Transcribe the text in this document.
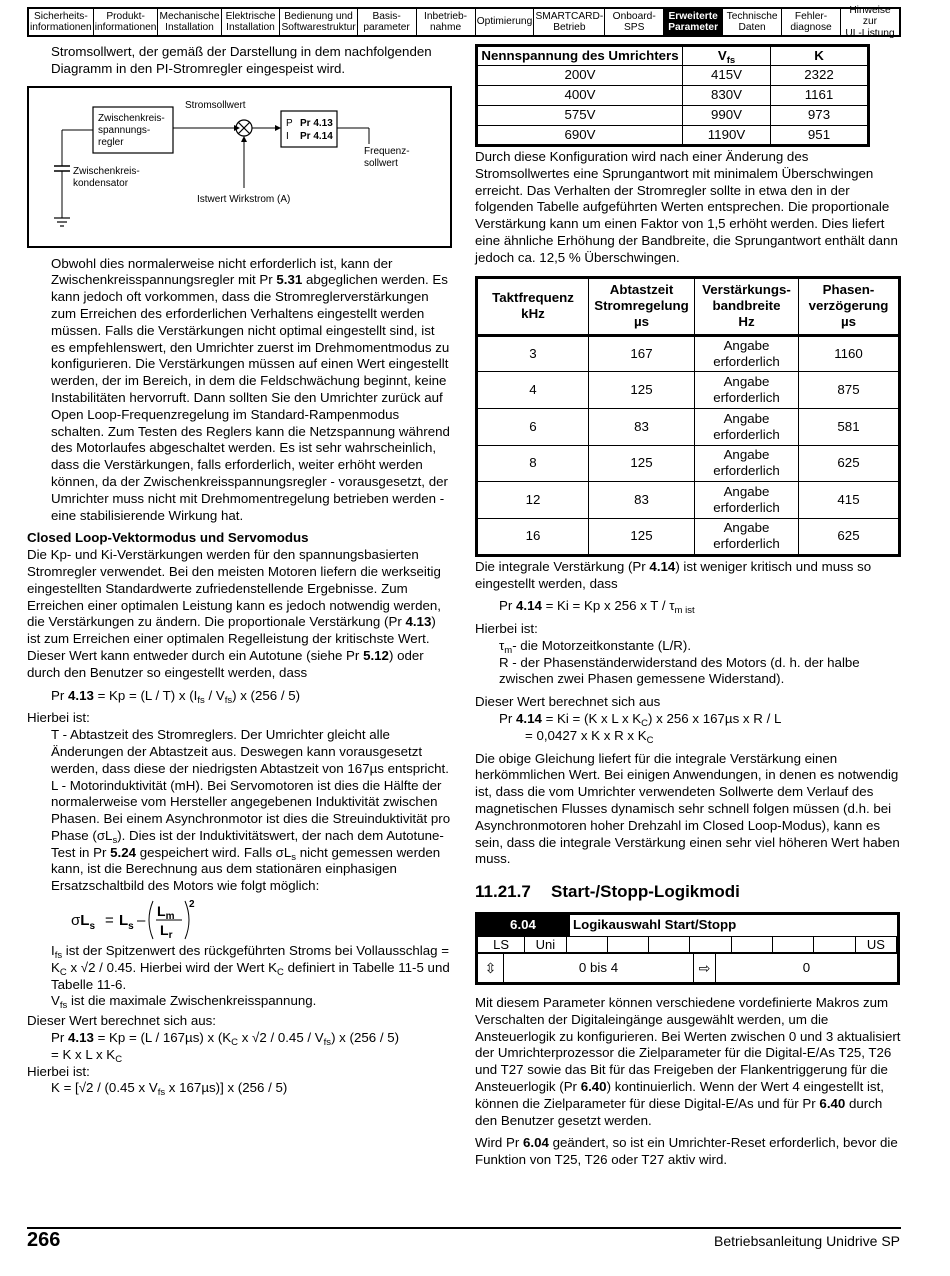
Sicherheits-
informationen
Produkt-
informationen
Mechanische
Installation
Elektrische
Installation
Bedienung und
Softwarestruktur
Basis-
parameter
Inbetrieb-
nahme
Optimierung
SMARTCARD-
Betrieb
Onboard-
SPS
Erweiterte
Parameter
Technische
Daten
Fehler-
diagnose
Hinweise zur
UL-Listung

Stromsollwert, der gemäß der Darstellung in dem nachfolgenden Diagramm in den PI-Stromregler eingespeist wird.

Zwischenkreis-
spannungs-
regler
Stromsollwert
Istwert Wirkstrom (A)
P Pr 4.13
I Pr 4.14
Frequenz-
sollwert
Zwischenkreis-
kondensator

Obwohl dies normalerweise nicht erforderlich ist, kann der Zwischenkreisspannungsregler mit Pr 5.31 abgeglichen werden. Es kann jedoch oft vorkommen, dass die Stromreglerverstärkungen zum Erreichen des erforderlichen Verhaltens eingestellt werden müssen. Falls die Verstärkungen nicht optimal eingestellt sind, ist es empfehlenswert, den Umrichter zuerst im Drehmomentmodus zu konfigurieren. Die Verstärkungen müssen auf einen Wert eingestellt werden, der im Bereich, in dem die Feldschwächung beginnt, keine Instabilitäten hervorruft. Dann sollten Sie den Umrichter zurück auf Open Loop-Frequenzregelung im Standard-Rampenmodus schalten. Zum Testen des Reglers kann die Netzspannung während des Motorlaufes abgeschaltet werden. Es ist sehr wahrscheinlich, dass die Verstärkungen, falls erforderlich, weiter erhöht werden können, da der Zwischenkreisspannungsregler - vorausgesetzt, der Umrichter muss nicht mit Drehmomentregelung betrieben werden - eine stabilisierende Wirkung hat.

Closed Loop-Vektormodus und Servomodus

Die Kp- und Ki-Verstärkungen werden für den spannungsbasierten Stromregler verwendet. Bei den meisten Motoren liefern die werkseitig eingestellten Standardwerte zufriedenstellende Ergebnisse. Zum Erreichen einer optimalen Leistung kann es jedoch notwendig werden, die Verstärkungen zu ändern. Die proportionale Verstärkung (Pr 4.13) ist zum Erreichen einer optimalen Regelleistung der kritischste Wert. Dieser Wert kann entweder durch ein Autotune (siehe Pr 5.12) oder durch den Benutzer so eingestellt werden, dass

Pr 4.13 = Kp = (L / T) x $(I_{fs} / V_{fs})$ x (256 / 5)

Hierbei ist:

T - Abtastzeit des Stromreglers. Der Umrichter gleicht alle Änderungen der Abtastzeit aus. Deswegen kann vorausgesetzt werden, dass diese der niedrigsten Abtastzeit von 167µs entspricht.

L - Motorinduktivität (mH). Bei Servomotoren ist dies die Hälfte der normalerweise vom Hersteller angegebenen Induktivität zwischen Phasen. Bei einem Asynchronmotor ist dies die Streuinduktivität pro Phase $(\sigma L_s)$. Dies ist der Induktivitätswert, der nach dem Autotune-Test in Pr 5.24 gespeichert wird. Falls $\sigma L_s$ nicht gemessen werden kann, ist die Berechnung aus dem stationären einphasigen Ersatzschaltbild des Motors wie folgt möglich:

$\sigma L_s = L_s$ –
$L_m$
2
$L_r$

$I_{fs}$ ist der Spitzenwert des rückgeführten Stroms bei Vollausschlag = $K_C$ x √2 / 0.45. Hierbei wird der Wert $K_C$ definiert in Tabelle 11-5 und Tabelle 11-6.

$V_{fs}$ ist die maximale Zwischenkreisspannung.

Dieser Wert berechnet sich aus:

Pr 4.13 = Kp = (L / 167µs) x ($K_C$ x $√2 / 0.45 / V_{fs}$) x (256 / 5)

= K x L x $K_C$

Hierbei ist:

K = [√2 / (0.45 x $V_{fs}$ x 167µs)] x (256 / 5)

Nennspannung des Umrichters	$V_{fs}$	K
200V	415V	2322
400V	830V	1161
575V	990V	973
690V	1190V	951

Durch diese Konfiguration wird nach einer Änderung des Stromsollwertes eine Sprungantwort mit minimalem Überschwingen erreicht. Das Verhalten der Stromregler sollte in etwa den in der folgenden Tabelle aufgeführten Werten entsprechen. Die proportionale Verstärkung kann um einen Faktor von 1,5 erhöht werden. Dies liefert eine ähnliche Erhöhung der Bandbreite, die Sprungantwort enthält dann jedoch ca. 12,5 % Überschwingen.

Taktfrequenz
kHz	Abtastzeit
Stromregelung
µs	Verstärkungs-
bandbreite
Hz	Phasen-
verzögerung
µs
3	167	Angabe erforderlich	1160
4	125	Angabe erforderlich	875
6	83	Angabe erforderlich	581
8	125	Angabe erforderlich	625
12	83	Angabe erforderlich	415
16	125	Angabe erforderlich	625

Die integrale Verstärkung (Pr 4.14) ist weniger kritisch und muss so eingestellt werden, dass

Pr 4.14 = Ki = Kp x 256 x T / $\tau_{m ist}$

Hierbei ist:

$\tau_m-$ die Motorzeitkonstante (L/R).

R - der Phasenständerwiderstand des Motors (d. h. der halbe zwischen zwei Phasen gemessene Widerstand).

Dieser Wert berechnet sich aus

Pr 4.14 = Ki = (K x L x $K_C$) x 256 x 167µs x R / L

= 0,0427 x K x R x $K_C$

Die obige Gleichung liefert für die integrale Verstärkung einen herkömmlichen Wert. Bei einigen Anwendungen, in denen es notwendig ist, dass die vom Umrichter verwendeten Sollwerte dem Verlauf des magnetischen Flusses dynamisch sehr schnell folgen müssen (d.h. bei Asynchronmotoren hoher Drehzahl im Closed Loop-Modus), kann es sein, dass die integrale Verstärkung einen sehr viel höheren Wert haben muss.

11.21.7 Start-/Stopp-Logikmodi
6.04	Logikauswahl Start/Stopp
LS	Uni	US
⇳	0 bis 4	⇨	0

Mit diesem Parameter können verschiedene vordefinierte Makros zum Verschalten der Digitaleingänge ausgewählt werden, um die Ansteuerlogik zu konfigurieren. Bei Werten zwischen 0 und 3 aktualisiert der Umrichterprozessor die Zielparameter für die Digital-E/As T25, T26 und T27 sowie das Bit für das Freigeben der Flankentriggerung für die Ansteuerlogik (Pr 6.40) kontinuierlich. Wenn der Wert 4 eingestellt ist, können die Zielparameter für diese Digital-E/As und für Pr 6.40 durch den Benutzer gesetzt werden.

Wird Pr 6.04 geändert, so ist ein Umrichter-Reset erforderlich, bevor die Funktion von T25, T26 oder T27 aktiv wird.

266	Betriebsanleitung Unidrive SP
